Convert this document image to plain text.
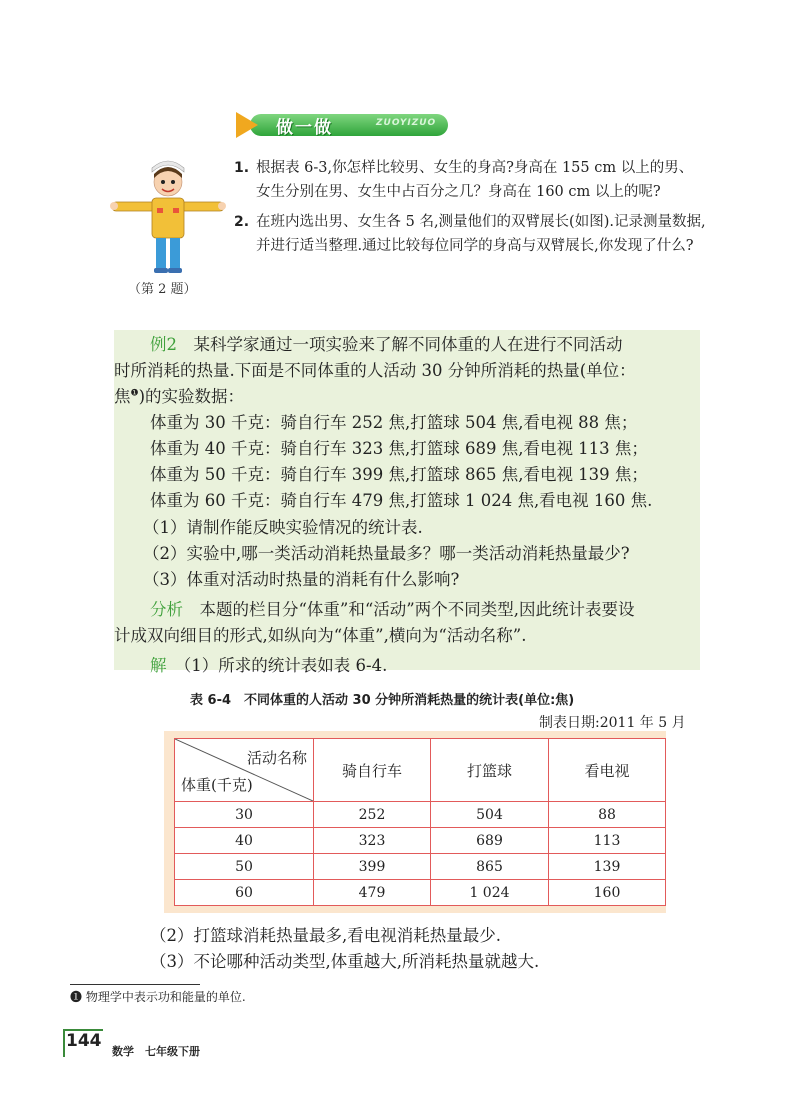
做一做	ZUOYIZUO
（第 2 题）
1. 根据表 6-3,你怎样比较男、女生的身高?身高在 155 cm 以上的男、女生分别在男、女生中占百分之几？身高在 160 cm 以上的呢?
2. 在班内选出男、女生各 5 名,测量他们的双臂展长(如图).记录测量数据,并进行适当整理.通过比较每位同学的身高与双臂展长,你发现了什么?
例2　 某科学家通过一项实验来了解不同体重的人在进行不同活动
时所消耗的热量.下面是不同体重的人活动 30 分钟所消耗的热量(单位：
焦$^❶$)的实验数据：
体重为 30 千克：骑自行车 252 焦,打篮球 504 焦,看电视 88 焦；
体重为 40 千克：骑自行车 323 焦,打篮球 689 焦,看电视 113 焦；
体重为 50 千克：骑自行车 399 焦,打篮球 865 焦,看电视 139 焦；
体重为 60 千克：骑自行车 479 焦,打篮球 1 024 焦,看电视 160 焦.
（1）请制作能反映实验情况的统计表.
（2）实验中,哪一类活动消耗热量最多？哪一类活动消耗热量最少?
（3）体重对活动时热量的消耗有什么影响?
分析　 本题的栏目分“体重”和“活动”两个不同类型,因此统计表要设
计成双向细目的形式,如纵向为“体重”,横向为“活动名称”.
解　 （1）所求的统计表如表 6-4.
表 6-4　不同体重的人活动 30 分钟所消耗热量的统计表(单位:焦)
制表日期:2011 年 5 月
活动名称
体重(千克)	骑自行车	打篮球	看电视
30	252	504	88
40	323	689	113
50	399	865	139
60	479	1 024	160
（2）打篮球消耗热量最多,看电视消耗热量最少.
（3）不论哪种活动类型,体重越大,所消耗热量就越大.
❶ 物理学中表示功和能量的单位.
144
数学　七年级下册
